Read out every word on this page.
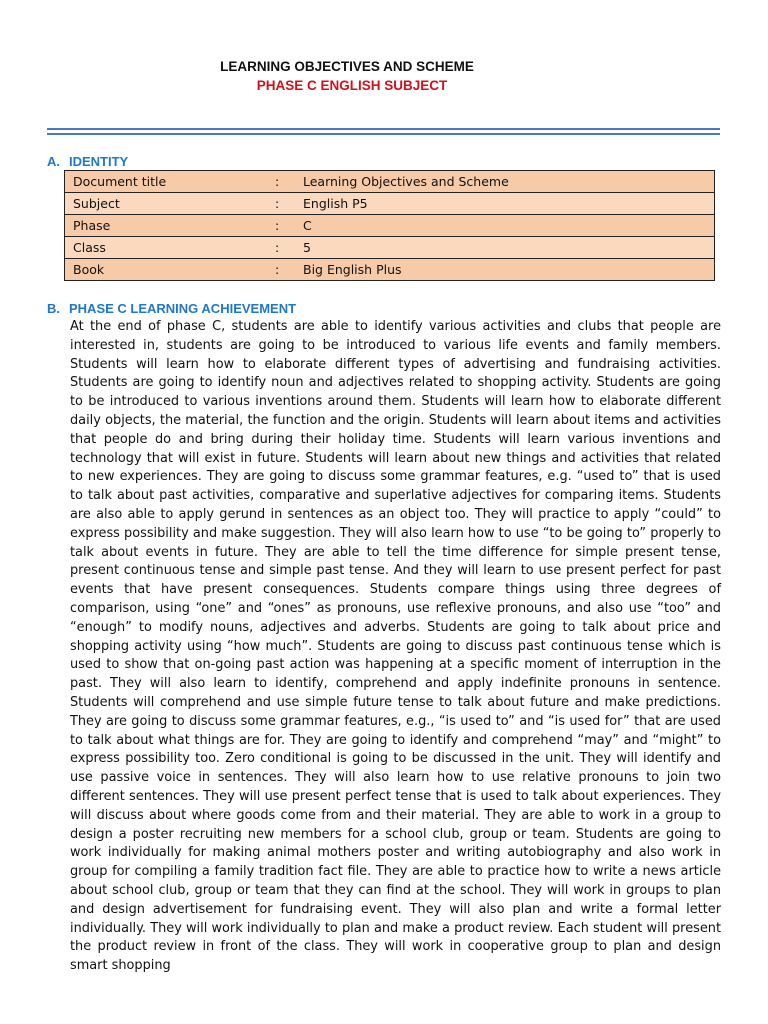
LEARNING OBJECTIVES AND SCHEME
PHASE C ENGLISH SUBJECT
A. IDENTITY
Document title	:	Learning Objectives and Scheme
Subject	:	English P5
Phase	:	C
Class	:	5
Book	:	Big English Plus
B. PHASE C LEARNING ACHIEVEMENT
At the end of phase C, students are able to identify various activities and clubs that people are interested in, students are going to be introduced to various life events and family members. Students will learn how to elaborate different types of advertising and fundraising activities. Students are going to identify noun and adjectives related to shopping activity. Students are going to be introduced to various inventions around them. Students will learn how to elaborate different daily objects, the material, the function and the origin. Students will learn about items and activities that people do and bring during their holiday time. Students will learn various inventions and technology that will exist in future. Students will learn about new things and activities that related to new experiences. They are going to discuss some grammar features, e.g. “used to” that is used to talk about past activities, comparative and superlative adjectives for comparing items. Students are also able to apply gerund in sentences as an object too. They will practice to apply “could” to express possibility and make suggestion. They will also learn how to use “to be going to” properly to talk about events in future. They are able to tell the time difference for simple present tense, present continuous tense and simple past tense. And they will learn to use present perfect for past events that have present consequences. Students compare things using three degrees of comparison, using “one” and “ones” as pronouns, use reflexive pronouns, and also use “too” and “enough” to modify nouns, adjectives and adverbs. Students are going to talk about price and shopping activity using “how much”. Students are going to discuss past continuous tense which is used to show that on-going past action was happening at a specific moment of interruption in the past. They will also learn to identify, comprehend and apply indefinite pronouns in sentence. Students will comprehend and use simple future tense to talk about future and make predictions. They are going to discuss some grammar features, e.g., “is used to” and “is used for” that are used to talk about what things are for. They are going to identify and comprehend “may” and “might” to express possibility too. Zero conditional is going to be discussed in the unit. They will identify and use passive voice in sentences. They will also learn how to use relative pronouns to join two different sentences. They will use present perfect tense that is used to talk about experiences. They will discuss about where goods come from and their material. They are able to work in a group to design a poster recruiting new members for a school club, group or team. Students are going to work individually for making animal mothers poster and writing autobiography and also work in group for compiling a family tradition fact file. They are able to practice how to write a news article about school club, group or team that they can find at the school. They will work in groups to plan and design advertisement for fundraising event. They will also plan and write a formal letter individually. They will work individually to plan and make a product review. Each student will present the product review in front of the class. They will work in cooperative group to plan and design smart shopping
